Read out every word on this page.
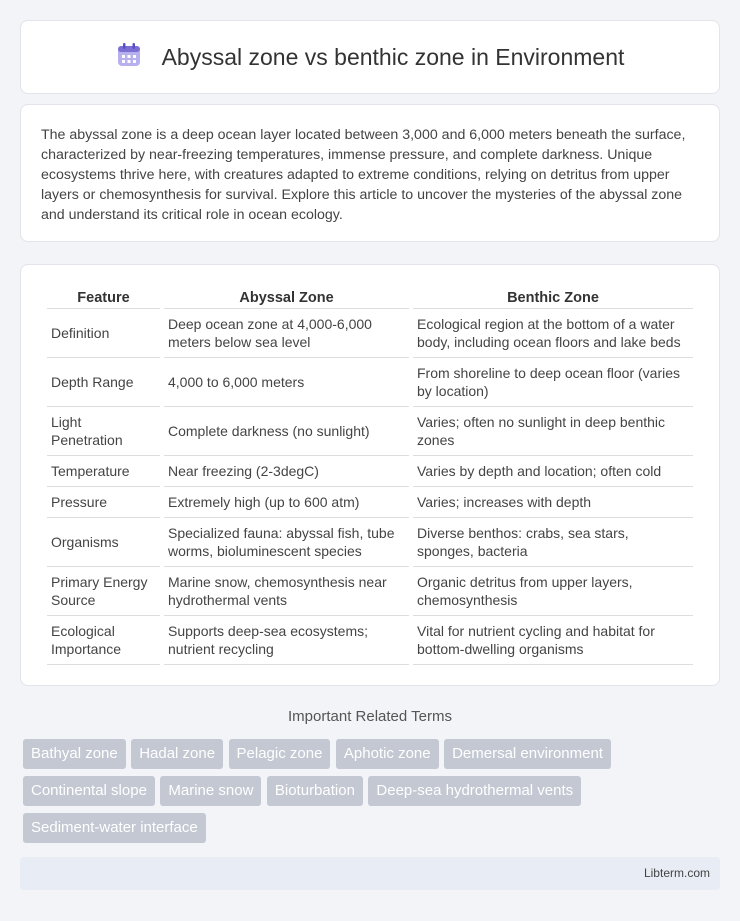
Abyssal zone vs benthic zone in Environment

The abyssal zone is a deep ocean layer located between 3,000 and 6,000 meters beneath the surface, characterized by near-freezing temperatures, immense pressure, and complete darkness. Unique ecosystems thrive here, with creatures adapted to extreme conditions, relying on detritus from upper layers or chemosynthesis for survival. Explore this article to uncover the mysteries of the abyssal zone and understand its critical role in ocean ecology.

Feature	Abyssal Zone	Benthic Zone
Definition	Deep ocean zone at 4,000-6,000 meters below sea level	Ecological region at the bottom of a water body, including ocean floors and lake beds
Depth Range	4,000 to 6,000 meters	From shoreline to deep ocean floor (varies by location)
Light Penetration	Complete darkness (no sunlight)	Varies; often no sunlight in deep benthic zones
Temperature	Near freezing (2-3degC)	Varies by depth and location; often cold
Pressure	Extremely high (up to 600 atm)	Varies; increases with depth
Organisms	Specialized fauna: abyssal fish, tube worms, bioluminescent species	Diverse benthos: crabs, sea stars, sponges, bacteria
Primary Energy Source	Marine snow, chemosynthesis near hydrothermal vents	Organic detritus from upper layers, chemosynthesis
Ecological Importance	Supports deep-sea ecosystems; nutrient recycling	Vital for nutrient cycling and habitat for bottom-dwelling organisms
Important Related Terms
Bathyal zone Hadal zone Pelagic zone Aphotic zone Demersal environment Continental slope Marine snow Bioturbation Deep-sea hydrothermal vents Sediment-water interface
Libterm.com
